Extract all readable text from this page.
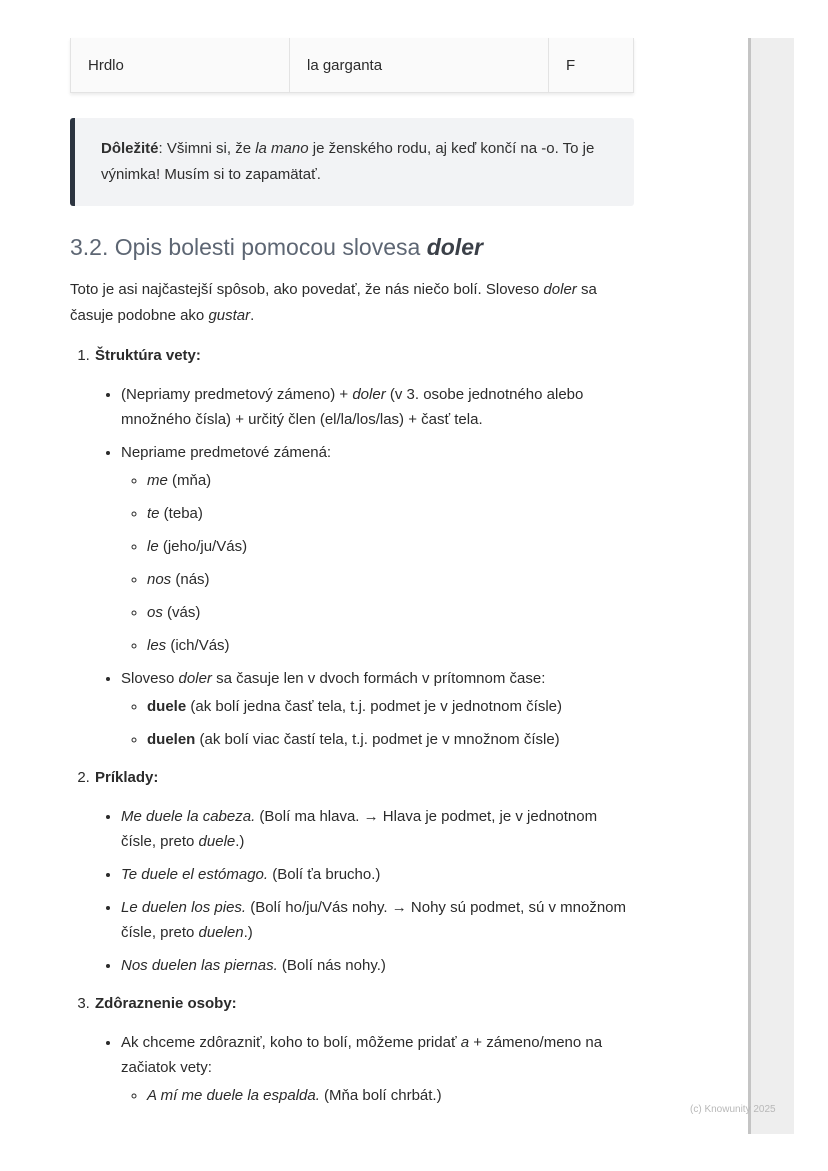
(c) Knowunity 2025
Hrdlo	la garganta	F
Dôležité: Všimni si, že la mano je ženského rodu, aj keď končí na -o. To je výnimka! Musím si to zapamätať.
3.2. Opis bolesti pomocou slovesa doler

Toto je asi najčastejší spôsob, ako povedať, že nás niečo bolí. Sloveso doler sa časuje podobne ako gustar.

1. Štruktúra vety:
• (Nepriamy predmetový zámeno) + doler (v 3. osobe jednotného alebo množného čísla) + určitý člen (el/la/los/las) + časť tela.
• Nepriame predmetové zámená:
◦ me (mňa)
◦ te (teba)
◦ le (jeho/ju/Vás)
◦ nos (nás)
◦ os (vás)
◦ les (ich/Vás)
• Sloveso doler sa časuje len v dvoch formách v prítomnom čase:
◦ duele (ak bolí jedna časť tela, t.j. podmet je v jednotnom čísle)
◦ duelen (ak bolí viac častí tela, t.j. podmet je v množnom čísle)
2. Príklady:
• Me duele la cabeza. (Bolí ma hlava. → Hlava je podmet, je v jednotnom čísle, preto duele.)
• Te duele el estómago. (Bolí ťa brucho.)
• Le duelen los pies. (Bolí ho/ju/Vás nohy. → Nohy sú podmet, sú v množnom čísle, preto duelen.)
• Nos duelen las piernas. (Bolí nás nohy.)
3. Zdôraznenie osoby:
• Ak chceme zdôrazniť, koho to bolí, môžeme pridať a + zámeno/meno na začiatok vety:
◦ A mí me duele la espalda. (Mňa bolí chrbát.)
